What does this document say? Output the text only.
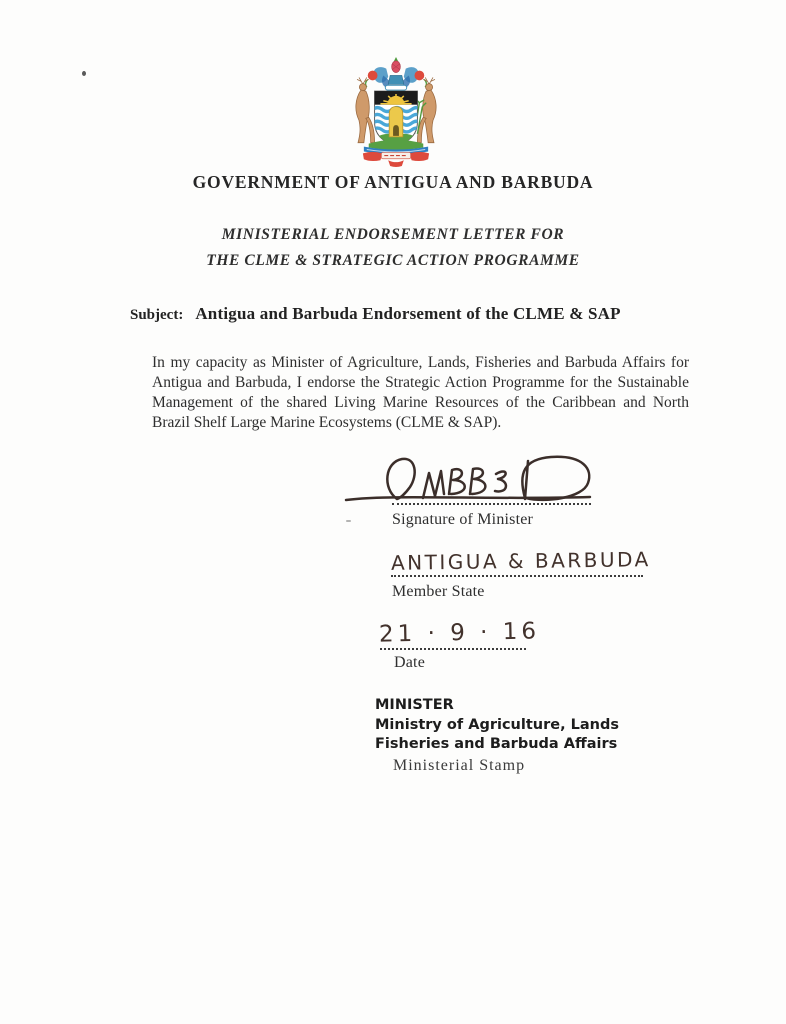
GOVERNMENT OF ANTIGUA AND BARBUDA
MINISTERIAL ENDORSEMENT LETTER FOR
THE CLME & STRATEGIC ACTION PROGRAMME
Subject: Antigua and Barbuda Endorsement of the CLME & SAP
In my capacity as Minister of Agriculture, Lands, Fisheries and Barbuda Affairs for Antigua and Barbuda, I endorse the Strategic Action Programme for the Sustainable Management of the shared Living Marine Resources of the Caribbean and North Brazil Shelf Large Marine Ecosystems (CLME & SAP).
Signature of Minister
ANTIGUA & BARBUDA
Member State
21 · 9 · 16
Date
MINISTER
Ministry of Agriculture, Lands
Fisheries and Barbuda Affairs
Ministerial Stamp
